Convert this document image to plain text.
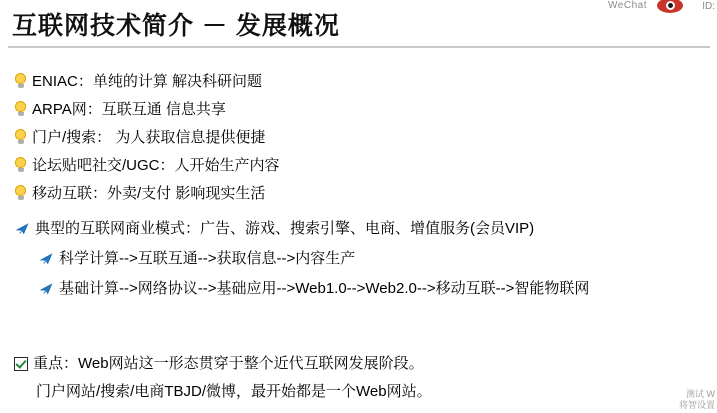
WeChat	ID:
互联网技术简介 － 发展概况
ENIAC：单纯的计算 解决科研问题
ARPA网：互联互通 信息共享
门户/搜索： 为人获取信息提供便捷
论坛贴吧社交/UGC：人开始生产内容
移动互联：外卖/支付 影响现实生活
典型的互联网商业模式：广告、游戏、搜索引擎、电商、增值服务(会员VIP)
科学计算-->互联互通-->获取信息-->内容生产
基础计算-->网络协议-->基础应用-->Web1.0-->Web2.0-->移动互联-->智能物联网
重点：Web网站这一形态贯穿于整个近代互联网发展阶段。
门户网站/搜索/电商TBJD/微博，最开始都是一个Web网站。	测试 W
将智设置
